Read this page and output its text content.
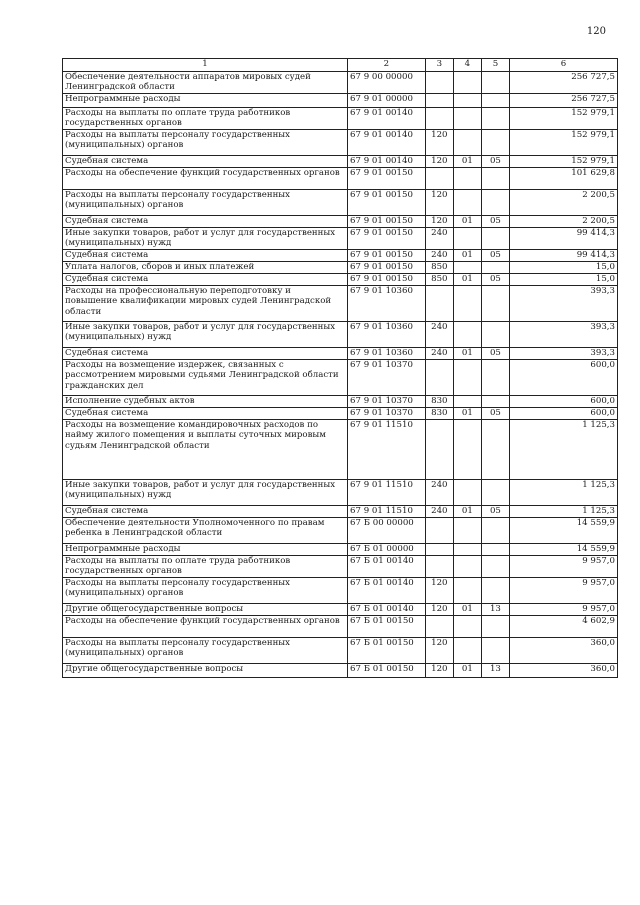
120
1	2	3	4	5	6
Обеспечение деятельности аппаратов мировых судей Ленинградской области	67 9 00 00000				256 727,5
Непрограммные расходы	67 9 01 00000				256 727,5
Расходы на выплаты по оплате труда работников государственных органов	67 9 01 00140				152 979,1
Расходы на выплаты персоналу государственных (муниципальных) органов	67 9 01 00140	120			152 979,1
Судебная система	67 9 01 00140	120	01	05	152 979,1
Расходы на обеспечение функций государственных органов	67 9 01 00150				101 629,8
Расходы на выплаты персоналу государственных (муниципальных) органов	67 9 01 00150	120			2 200,5
Судебная система	67 9 01 00150	120	01	05	2 200,5
Иные закупки товаров, работ и услуг для государственных (муниципальных) нужд	67 9 01 00150	240			99 414,3
Судебная система	67 9 01 00150	240	01	05	99 414,3
Уплата налогов, сборов и иных платежей	67 9 01 00150	850			15,0
Судебная система	67 9 01 00150	850	01	05	15,0
Расходы на профессиональную переподготовку и повышение квалификации мировых судей Ленинградской области	67 9 01 10360				393,3
Иные закупки товаров, работ и услуг для государственных (муниципальных) нужд	67 9 01 10360	240			393,3
Судебная система	67 9 01 10360	240	01	05	393,3
Расходы на возмещение издержек, связанных с рассмотрением мировыми судьями Ленинградской области гражданских дел	67 9 01 10370				600,0
Исполнение судебных актов	67 9 01 10370	830			600,0
Судебная система	67 9 01 10370	830	01	05	600,0
Расходы на возмещение командировочных расходов по найму жилого помещения и выплаты суточных мировым судьям Ленинградской области	67 9 01 11510				1 125,3
Иные закупки товаров, работ и услуг для государственных (муниципальных) нужд	67 9 01 11510	240			1 125,3
Судебная система	67 9 01 11510	240	01	05	1 125,3
Обеспечение деятельности Уполномоченного по правам ребенка в Ленинградской области	67 Б 00 00000				14 559,9
Непрограммные расходы	67 Б 01 00000				14 559,9
Расходы на выплаты по оплате труда работников государственных органов	67 Б 01 00140				9 957,0
Расходы на выплаты персоналу государственных (муниципальных) органов	67 Б 01 00140	120			9 957,0
Другие общегосударственные вопросы	67 Б 01 00140	120	01	13	9 957,0
Расходы на обеспечение функций государственных органов	67 Б 01 00150				4 602,9
Расходы на выплаты персоналу государственных (муниципальных) органов	67 Б 01 00150	120			360,0
Другие общегосударственные вопросы	67 Б 01 00150	120	01	13	360,0
